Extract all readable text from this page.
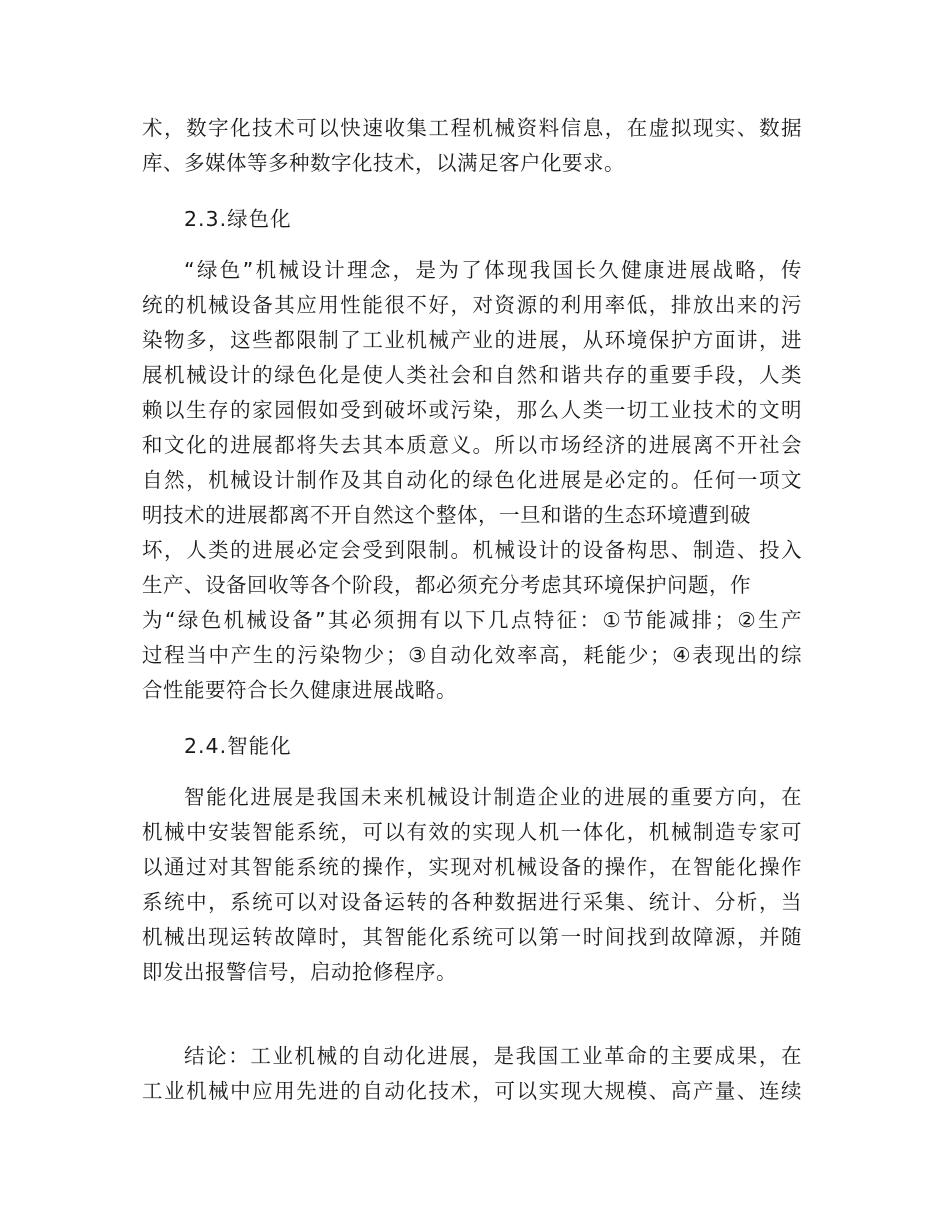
术，数字化技术可以快速收集工程机械资料信息，在虚拟现实、数据
库、多媒体等多种数字化技术，以满足客户化要求。
2.3.绿色化
“绿色”机械设计理念，是为了体现我国长久健康进展战略，传
统的机械设备其应用性能很不好，对资源的利用率低，排放出来的污
染物多，这些都限制了工业机械产业的进展，从环境保护方面讲，进
展机械设计的绿色化是使人类社会和自然和谐共存的重要手段，人类
赖以生存的家园假如受到破坏或污染，那么人类一切工业技术的文明
和文化的进展都将失去其本质意义。所以市场经济的进展离不开社会
自然，机械设计制作及其自动化的绿色化进展是必定的。任何一项文
明技术的进展都离不开自然这个整体，一旦和谐的生态环境遭到破
坏，人类的进展必定会受到限制。机械设计的设备构思、制造、投入
生产、设备回收等各个阶段，都必须充分考虑其环境保护问题，作
为“绿色机械设备”其必须拥有以下几点特征：①节能减排；②生产
过程当中产生的污染物少；③自动化效率高，耗能少；④表现出的综
合性能要符合长久健康进展战略。
2.4.智能化
智能化进展是我国未来机械设计制造企业的进展的重要方向，在
机械中安装智能系统，可以有效的实现人机一体化，机械制造专家可
以通过对其智能系统的操作，实现对机械设备的操作，在智能化操作
系统中，系统可以对设备运转的各种数据进行采集、统计、分析，当
机械出现运转故障时，其智能化系统可以第一时间找到故障源，并随
即发出报警信号，启动抢修程序。
结论：工业机械的自动化进展，是我国工业革命的主要成果，在
工业机械中应用先进的自动化技术，可以实现大规模、高产量、连续
